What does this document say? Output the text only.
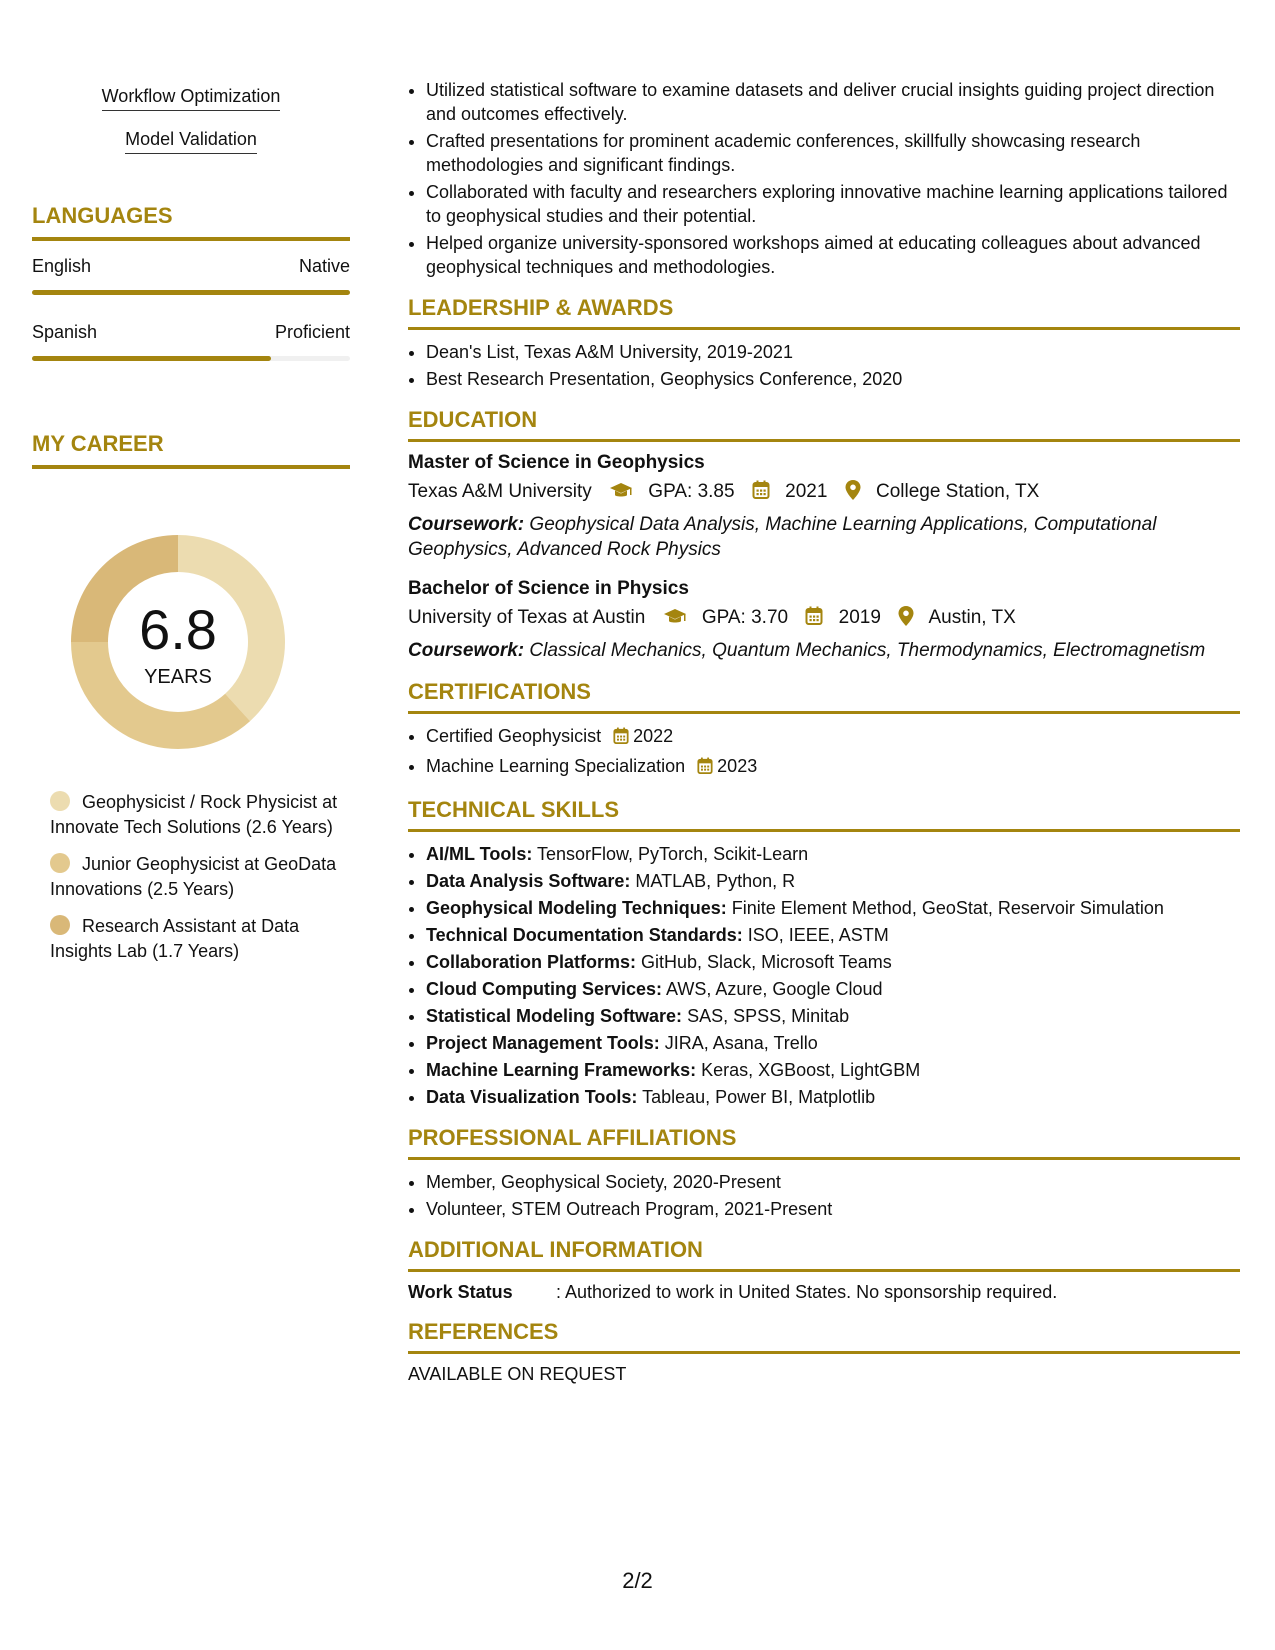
Workflow Optimization
Model Validation
LANGUAGES
English	Native
Spanish	Proficient
MY CAREER
6.8
YEARS
Geophysicist / Rock Physicist at Innovate Tech Solutions (2.6 Years)
Junior Geophysicist at GeoData Innovations (2.5 Years)
Research Assistant at Data Insights Lab (1.7 Years)
• Utilized statistical software to examine datasets and deliver crucial insights guiding project direction and outcomes effectively.
• Crafted presentations for prominent academic conferences, skillfully showcasing research methodologies and significant findings.
• Collaborated with faculty and researchers exploring innovative machine learning applications tailored to geophysical studies and their potential.
• Helped organize university-sponsored workshops aimed at educating colleagues about advanced geophysical techniques and methodologies.
LEADERSHIP & AWARDS
• Dean's List, Texas A&M University, 2019-2021
• Best Research Presentation, Geophysics Conference, 2020
EDUCATION
Master of Science in Geophysics
Texas A&M University	GPA: 3.85	2021	College Station, TX
Coursework: Geophysical Data Analysis, Machine Learning Applications, Computational Geophysics, Advanced Rock Physics
Bachelor of Science in Physics
University of Texas at Austin	GPA: 3.70	2019	Austin, TX
Coursework: Classical Mechanics, Quantum Mechanics, Thermodynamics, Electromagnetism
CERTIFICATIONS
• Certified Geophysicist 2022
• Machine Learning Specialization 2023
TECHNICAL SKILLS
• AI/ML Tools: TensorFlow, PyTorch, Scikit-Learn
• Data Analysis Software: MATLAB, Python, R
• Geophysical Modeling Techniques: Finite Element Method, GeoStat, Reservoir Simulation
• Technical Documentation Standards: ISO, IEEE, ASTM
• Collaboration Platforms: GitHub, Slack, Microsoft Teams
• Cloud Computing Services: AWS, Azure, Google Cloud
• Statistical Modeling Software: SAS, SPSS, Minitab
• Project Management Tools: JIRA, Asana, Trello
• Machine Learning Frameworks: Keras, XGBoost, LightGBM
• Data Visualization Tools: Tableau, Power BI, Matplotlib
PROFESSIONAL AFFILIATIONS
• Member, Geophysical Society, 2020-Present
• Volunteer, STEM Outreach Program, 2021-Present
ADDITIONAL INFORMATION
Work Status : Authorized to work in United States. No sponsorship required.
REFERENCES
AVAILABLE ON REQUEST
2/2
